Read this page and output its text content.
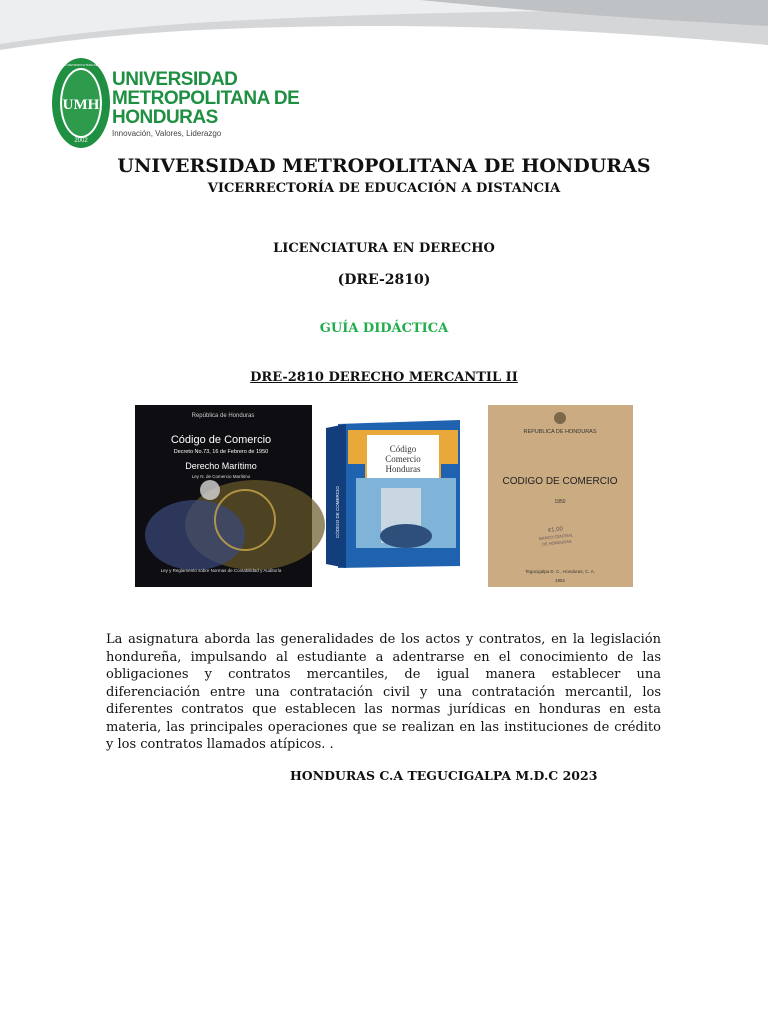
UMH
2002
UNIVERSIDAD METROPOLITANA DE HONDURAS
UNIVERSIDAD
METROPOLITANA DE
HONDURAS
Innovación, Valores, Liderazgo
UNIVERSIDAD METROPOLITANA DE HONDURAS
VICERRECTORÍA DE EDUCACIÓN A DISTANCIA
LICENCIATURA EN DERECHO
(DRE-2810)
GUÍA DIDÁCTICA
DRE-2810 DERECHO MERCANTIL II
República de Honduras
Código de Comercio
Decreto No.73, 16 de Febrero de 1950
Derecho Marítimo
Ley N. de Comercio Marítimo
Ley y Reglamento sobre Normas de Contabilidad y Auditoría
Código
Comercio
Honduras
CÓDIGO DE COMERCIO
REPUBLICA DE HONDURAS
CODIGO DE COMERCIO
1950
¢1.00
BANCO CENTRAL
DE HONDURAS
Tegucigalpa D. C., Honduras, C. A.
1952
La asignatura aborda las generalidades de los actos y contratos, en la legislación hondureña, impulsando al estudiante a adentrarse en el conocimiento de las obligaciones y contratos mercantiles, de igual manera establecer una diferenciación entre una contratación civil y una contratación mercantil, los diferentes contratos que establecen las normas jurídicas en honduras en esta materia, las principales operaciones que se realizan en las instituciones de crédito y los contratos llamados atípicos. .
HONDURAS C.A TEGUCIGALPA M.D.C 2023
